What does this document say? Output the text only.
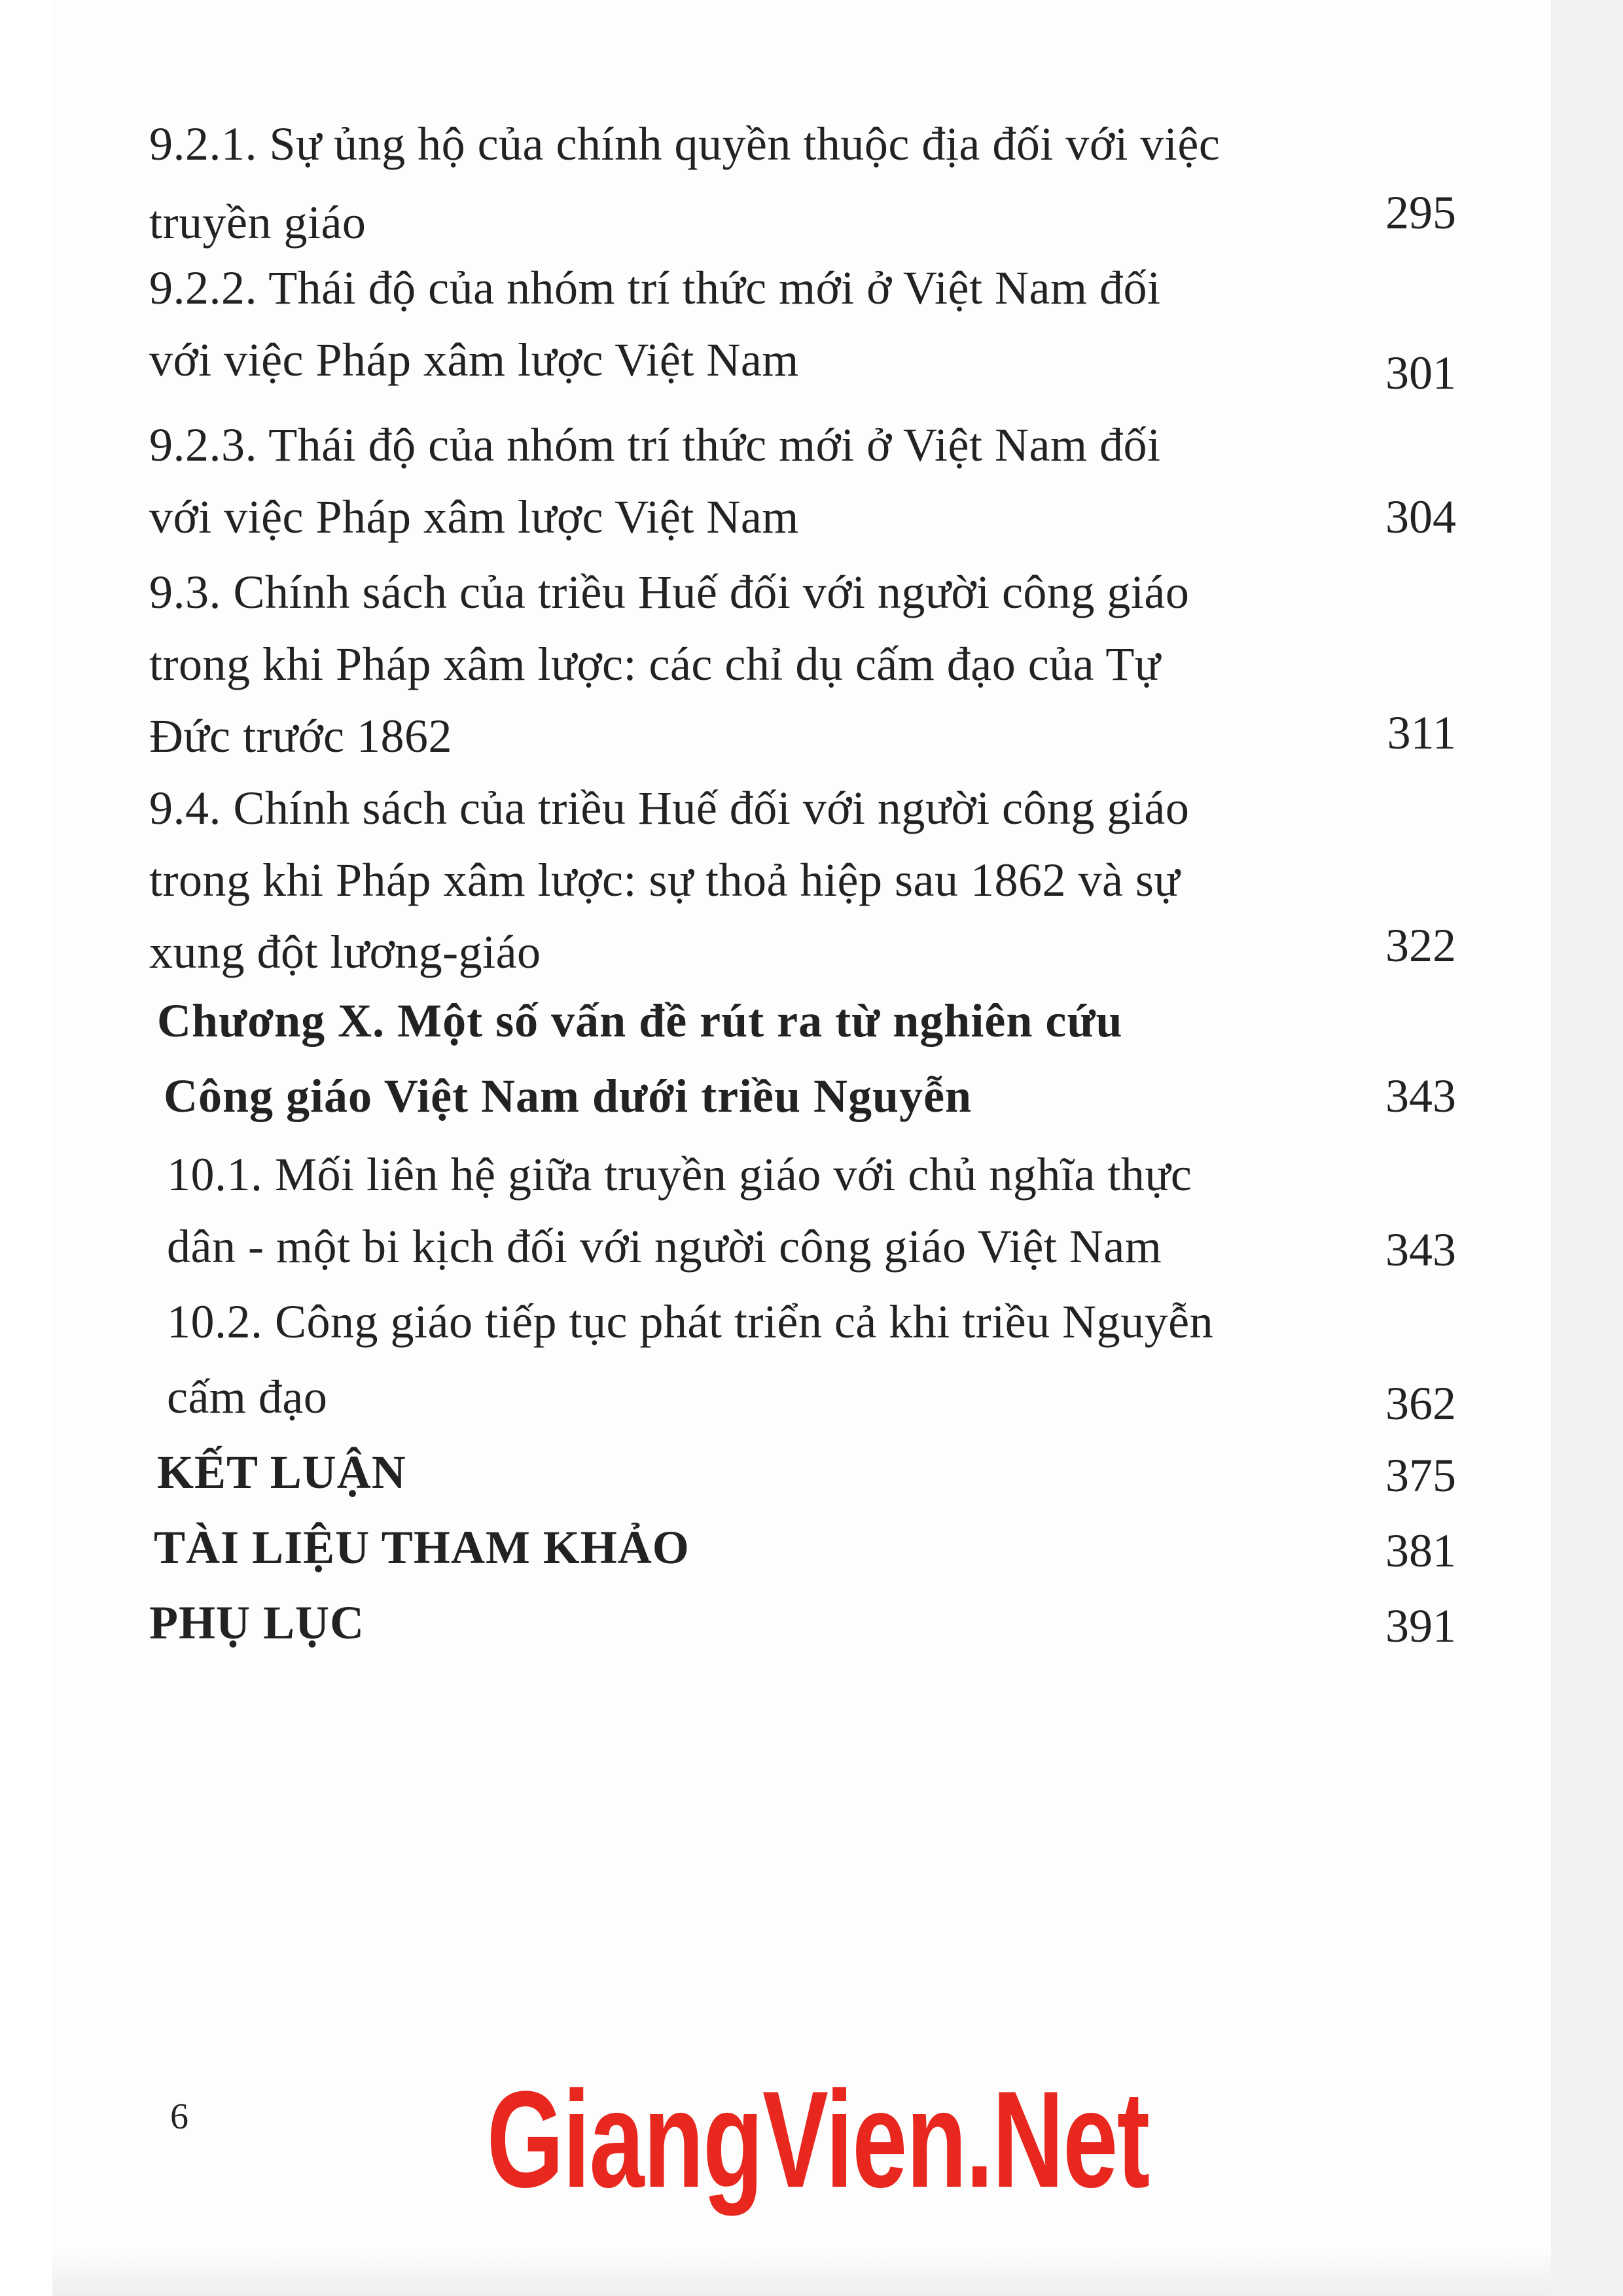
9.2.1. Sự ủng hộ của chính quyền thuộc địa đối với việc
truyền giáo	295
9.2.2. Thái độ của nhóm trí thức mới ở Việt Nam đối
với việc Pháp xâm lược Việt Nam	301
9.2.3. Thái độ của nhóm trí thức mới ở Việt Nam đối
với việc Pháp xâm lược Việt Nam	304
9.3. Chính sách của triều Huế đối với người công giáo
trong khi Pháp xâm lược: các chỉ dụ cấm đạo của Tự
Đức trước 1862	311
9.4. Chính sách của triều Huế đối với người công giáo
trong khi Pháp xâm lược: sự thoả hiệp sau 1862 và sự
xung đột lương-giáo	322
Chương X. Một số vấn đề rút ra từ nghiên cứu
Công giáo Việt Nam dưới triều Nguyễn	343
10.1. Mối liên hệ giữa truyền giáo với chủ nghĩa thực
dân - một bi kịch đối với người công giáo Việt Nam	343
10.2. Công giáo tiếp tục phát triển cả khi triều Nguyễn
cấm đạo	362
KẾT LUẬN	375
TÀI LIỆU THAM KHẢO	381
PHỤ LỤC	391
6 GiangVien.Net
